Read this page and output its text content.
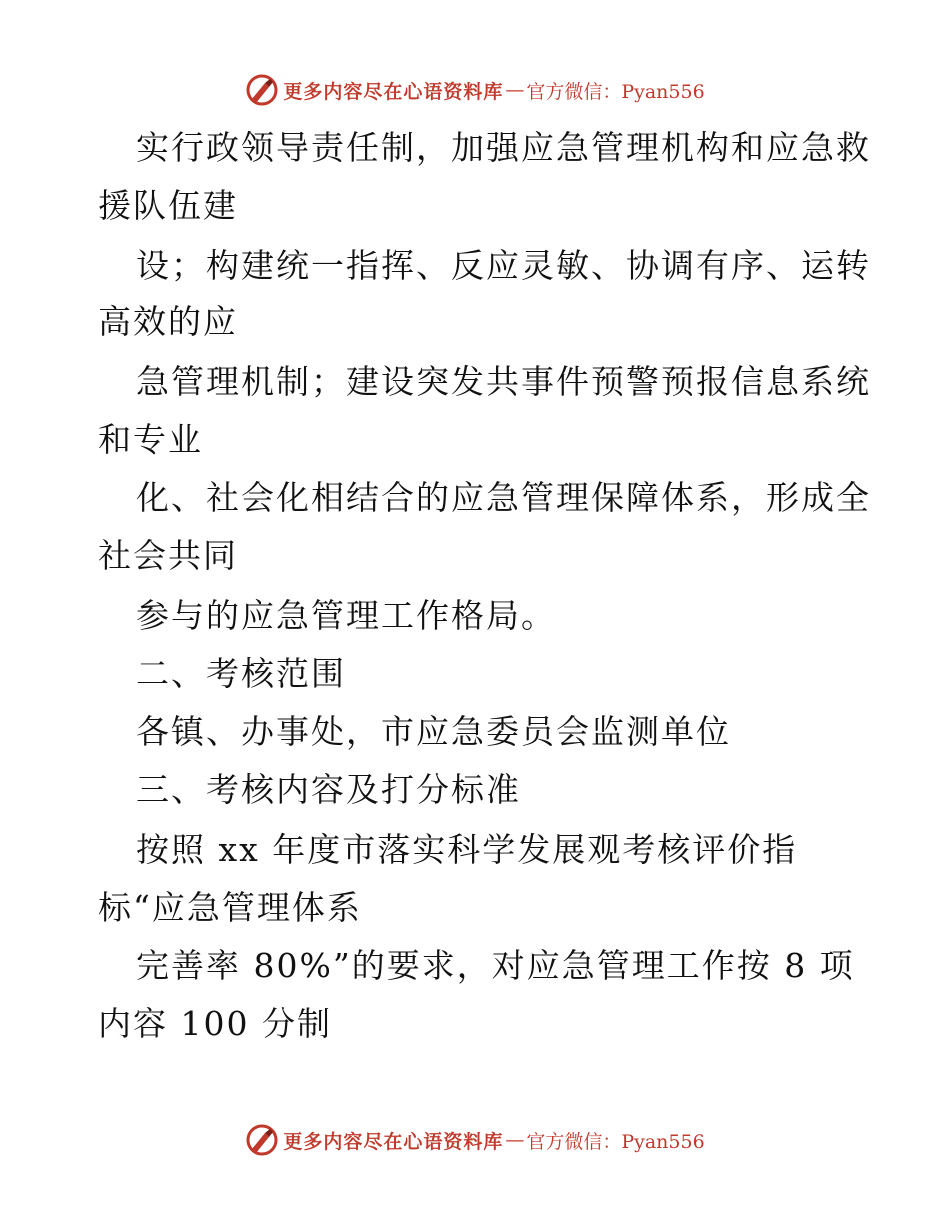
更多内容尽在心语资料库 — 官方微信：Pyan556
实行政领导责任制，加强应急管理机构和应急救
援队伍建
设；构建统一指挥、反应灵敏、协调有序、运转
高效的应
急管理机制；建设突发共事件预警预报信息系统
和专业
化、社会化相结合的应急管理保障体系，形成全
社会共同
参与的应急管理工作格局。
二、考核范围
各镇、办事处，市应急委员会监测单位
三、考核内容及打分标准
按照 xx 年度市落实科学发展观考核评价指
标“应急管理体系
完善率 80%”的要求，对应急管理工作按 8 项
内容 100 分制
更多内容尽在心语资料库 — 官方微信：Pyan556
